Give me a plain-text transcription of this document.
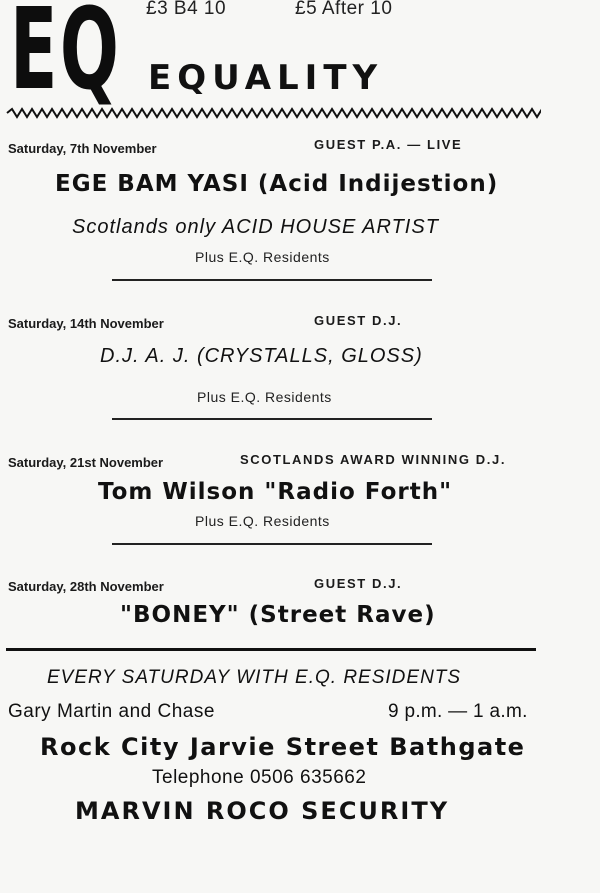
EQ £3 B4 10	£5 After 10
EQUALITY
Saturday, 7th November	GUEST P.A. — LIVE
EGE BAM YASI (Acid Indijestion)
Scotlands only ACID HOUSE ARTIST
Plus E.Q. Residents
Saturday, 14th November	GUEST D.J.
D.J. A. J. (CRYSTALLS, GLOSS)
Plus E.Q. Residents
Saturday, 21st November	SCOTLANDS AWARD WINNING D.J.
Tom Wilson "Radio Forth"
Plus E.Q. Residents
Saturday, 28th November	GUEST D.J.
"BONEY" (Street Rave)
EVERY SATURDAY WITH E.Q. RESIDENTS
Gary Martin and Chase	9 p.m. — 1 a.m.
Rock City Jarvie Street Bathgate
Telephone 0506 635662
MARVIN ROCO SECURITY
